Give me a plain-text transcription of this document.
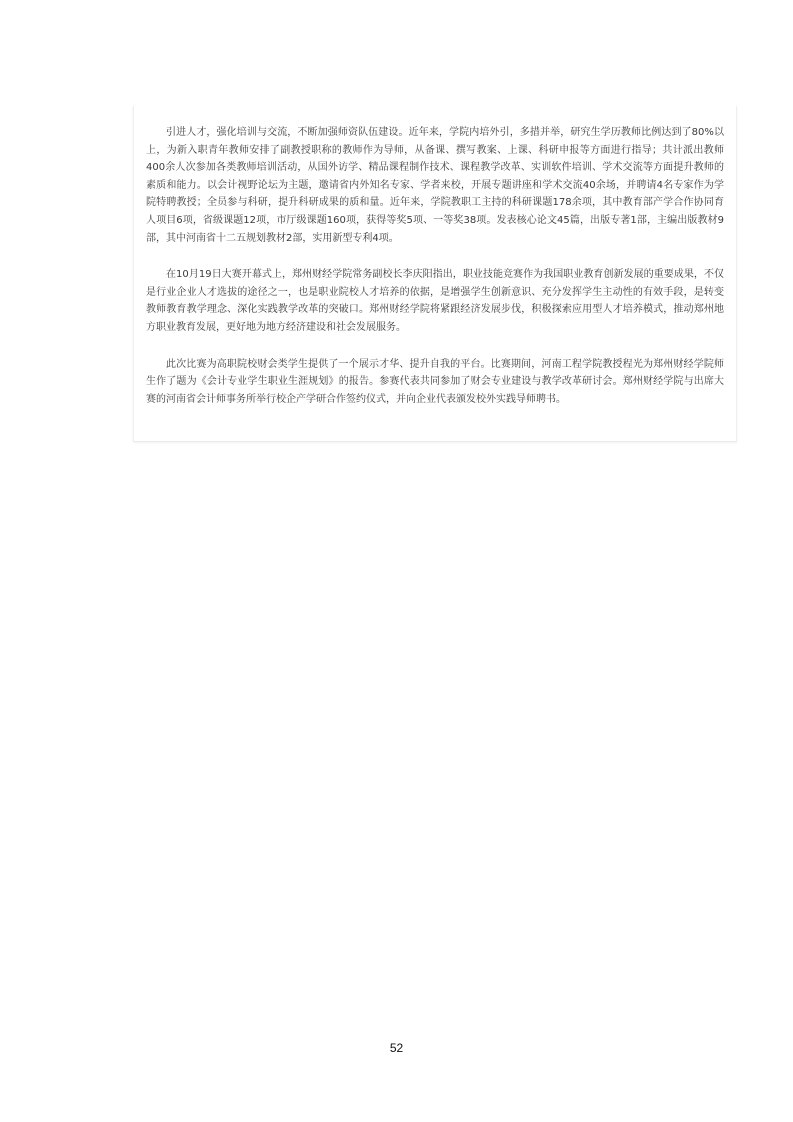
引进人才，强化培训与交流，不断加强师资队伍建设。近年来，学院内培外引，多措并举，研究生学历教师比例达到了80%以上，为新入职青年教师安排了副教授职称的教师作为导师，从备课、撰写教案、上课、科研申报等方面进行指导；共计派出教师400余人次参加各类教师培训活动，从国外访学、精品课程制作技术、课程教学改革、实训软件培训、学术交流等方面提升教师的素质和能力。以会计视野论坛为主题，邀请省内外知名专家、学者来校，开展专题讲座和学术交流40余场，并聘请4名专家作为学院特聘教授；全员参与科研，提升科研成果的质和量。近年来，学院教职工主持的科研课题178余项，其中教育部产学合作协同育人项目6项，省级课题12项，市厅级课题160项，获得等奖5项、一等奖38项。发表核心论文45篇，出版专著1部，主编出版教材9部，其中河南省十二五规划教材2部，实用新型专利4项。

在10月19日大赛开幕式上，郑州财经学院常务副校长李庆阳指出，职业技能竞赛作为我国职业教育创新发展的重要成果，不仅是行业企业人才选拔的途径之一，也是职业院校人才培养的依据，是增强学生创新意识、充分发挥学生主动性的有效手段，是转变教师教育教学理念、深化实践教学改革的突破口。郑州财经学院将紧跟经济发展步伐，积极探索应用型人才培养模式，推动郑州地方职业教育发展，更好地为地方经济建设和社会发展服务。

此次比赛为高职院校财会类学生提供了一个展示才华、提升自我的平台。比赛期间，河南工程学院教授程光为郑州财经学院师生作了题为《会计专业学生职业生涯规划》的报告。参赛代表共同参加了财会专业建设与教学改革研讨会。郑州财经学院与出席大赛的河南省会计师事务所举行校企产学研合作签约仪式，并向企业代表颁发校外实践导师聘书。

52
